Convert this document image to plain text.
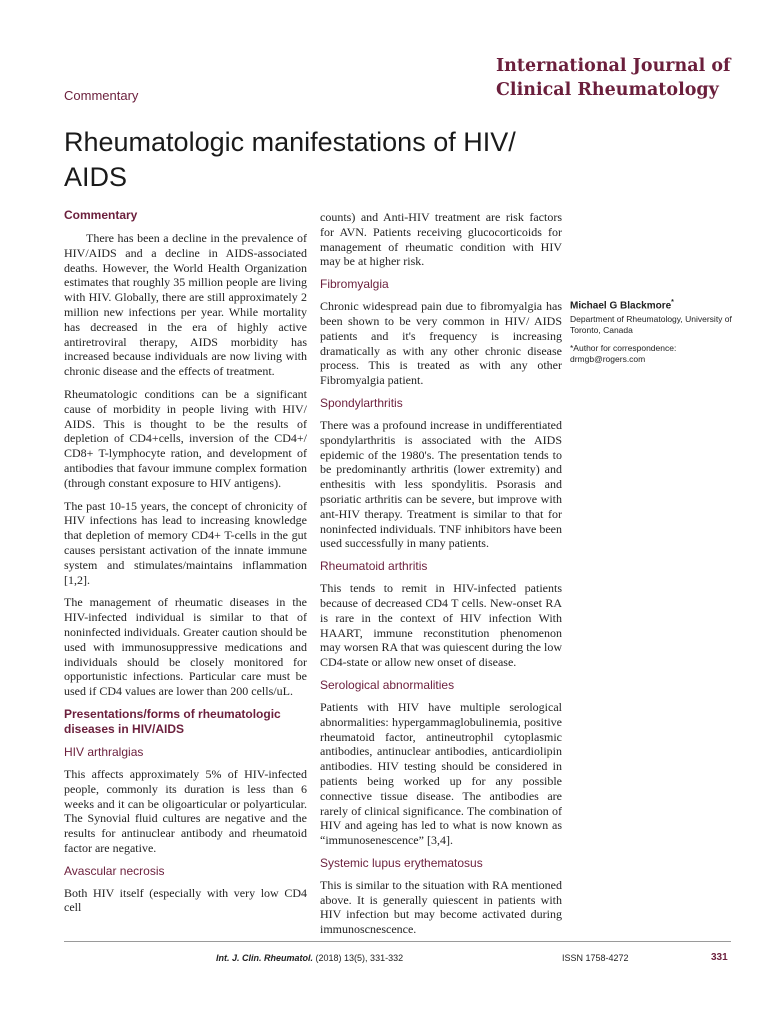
International Journal of
Clinical Rheumatology
Commentary
Rheumatologic manifestations of HIV/ AIDS
Commentary

There has been a decline in the prevalence of HIV/AIDS and a decline in AIDS-associated deaths. However, the World Health Organization estimates that roughly 35 million people are living with HIV. Globally, there are still approximately 2 million new infections per year. While mortality has decreased in the era of highly active antiretroviral therapy, AIDS morbidity has increased because individuals are now living with chronic disease and the effects of treatment.

Rheumatologic conditions can be a significant cause of morbidity in people living with HIV/ AIDS. This is thought to be the results of depletion of CD4+cells, inversion of the CD4+/ CD8+ T-lymphocyte ration, and development of antibodies that favour immune complex formation (through constant exposure to HIV antigens).

The past 10-15 years, the concept of chronicity of HIV infections has lead to increasing knowledge that depletion of memory CD4+ T-cells in the gut causes persistant activation of the innate immune system and stimulates/maintains inflammation [1,2].

The management of rheumatic diseases in the HIV-infected individual is similar to that of noninfected individuals. Greater caution should be used with immunosuppressive medications and individuals should be closely monitored for opportunistic infections. Particular care must be used if CD4 values are lower than 200 cells/uL.

Presentations/forms of rheumatologic diseases in HIV/AIDS
HIV arthralgias

This affects approximately 5% of HIV-infected people, commonly its duration is less than 6 weeks and it can be oligoarticular or polyarticular. The Synovial fluid cultures are negative and the results for antinuclear antibody and rheumatoid factor are negative.

Avascular necrosis

Both HIV itself (especially with very low CD4 cell

counts) and Anti-HIV treatment are risk factors for AVN. Patients receiving glucocorticoids for management of rheumatic condition with HIV may be at higher risk.

Fibromyalgia

Chronic widespread pain due to fibromyalgia has been shown to be very common in HIV/ AIDS patients and it's frequency is increasing dramatically as with any other chronic disease process. This is treated as with any other Fibromyalgia patient.

Spondylarthritis

There was a profound increase in undifferentiated spondylarthritis is associated with the AIDS epidemic of the 1980's. The presentation tends to be predominantly arthritis (lower extremity) and enthesitis with less spondylitis. Psorasis and psoriatic arthritis can be severe, but improve with ant-HIV therapy. Treatment is similar to that for noninfected individuals. TNF inhibitors have been used successfully in many patients.

Rheumatoid arthritis

This tends to remit in HIV-infected patients because of decreased CD4 T cells. New-onset RA is rare in the context of HIV infection With HAART, immune reconstitution phenomenon may worsen RA that was quiescent during the low CD4-state or allow new onset of disease.

Serological abnormalities

Patients with HIV have multiple serological abnormalities: hypergammaglobulinemia, positive rheumatoid factor, antineutrophil cytoplasmic antibodies, antinuclear antibodies, anticardiolipin antibodies. HIV testing should be considered in patients being worked up for any possible connective tissue disease. The antibodies are rarely of clinical significance. The combination of HIV and ageing has led to what is now known as “immunosenescence” [3,4].

Systemic lupus erythematosus

This is similar to the situation with RA mentioned above. It is generally quiescent in patients with HIV infection but may become activated during immunoscnescence.

Michael G Blackmore*
Department of Rheumatology, University of Toronto, Canada
*Author for correspondence:
drmgb@rogers.com
Int. J. Clin. Rheumatol. (2018) 13(5), 331-332	ISSN 1758-4272	331
